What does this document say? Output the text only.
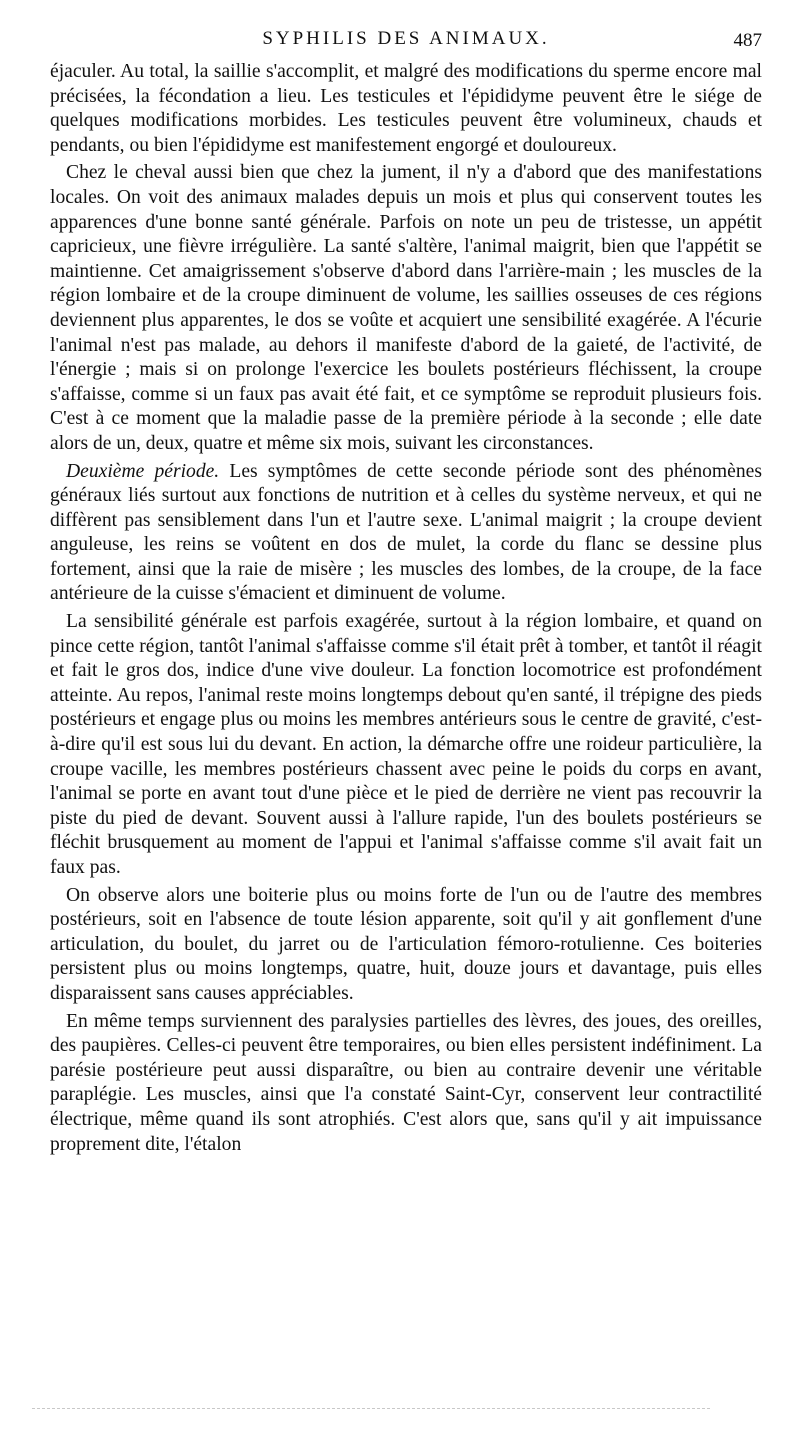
SYPHILIS DES ANIMAUX.	487

éjaculer. Au total, la saillie s'accomplit, et malgré des modifications du sperme encore mal précisées, la fécondation a lieu. Les testicules et l'épididyme peuvent être le siége de quelques modifications morbides. Les testicules peuvent être volumineux, chauds et pendants, ou bien l'épididyme est manifestement engorgé et douloureux.

Chez le cheval aussi bien que chez la jument, il n'y a d'abord que des manifestations locales. On voit des animaux malades depuis un mois et plus qui conservent toutes les apparences d'une bonne santé générale. Parfois on note un peu de tristesse, un appétit capricieux, une fièvre irrégulière. La santé s'altère, l'animal maigrit, bien que l'appétit se maintienne. Cet amaigrissement s'observe d'abord dans l'arrière-main ; les muscles de la région lombaire et de la croupe diminuent de volume, les saillies osseuses de ces régions deviennent plus apparentes, le dos se voûte et acquiert une sensibilité exagérée. A l'écurie l'animal n'est pas malade, au dehors il manifeste d'abord de la gaieté, de l'activité, de l'énergie ; mais si on prolonge l'exercice les boulets postérieurs fléchissent, la croupe s'affaisse, comme si un faux pas avait été fait, et ce symptôme se reproduit plusieurs fois. C'est à ce moment que la maladie passe de la première période à la seconde ; elle date alors de un, deux, quatre et même six mois, suivant les circonstances.

Deuxième période. Les symptômes de cette seconde période sont des phénomènes généraux liés surtout aux fonctions de nutrition et à celles du système nerveux, et qui ne diffèrent pas sensiblement dans l'un et l'autre sexe. L'animal maigrit ; la croupe devient anguleuse, les reins se voûtent en dos de mulet, la corde du flanc se dessine plus fortement, ainsi que la raie de misère ; les muscles des lombes, de la croupe, de la face antérieure de la cuisse s'émacient et diminuent de volume.

La sensibilité générale est parfois exagérée, surtout à la région lombaire, et quand on pince cette région, tantôt l'animal s'affaisse comme s'il était prêt à tomber, et tantôt il réagit et fait le gros dos, indice d'une vive douleur. La fonction locomotrice est profondément atteinte. Au repos, l'animal reste moins longtemps debout qu'en santé, il trépigne des pieds postérieurs et engage plus ou moins les membres antérieurs sous le centre de gravité, c'est-à-dire qu'il est sous lui du devant. En action, la démarche offre une roideur particulière, la croupe vacille, les membres postérieurs chassent avec peine le poids du corps en avant, l'animal se porte en avant tout d'une pièce et le pied de derrière ne vient pas recouvrir la piste du pied de devant. Souvent aussi à l'allure rapide, l'un des boulets postérieurs se fléchit brusquement au moment de l'appui et l'animal s'affaisse comme s'il avait fait un faux pas.

On observe alors une boiterie plus ou moins forte de l'un ou de l'autre des membres postérieurs, soit en l'absence de toute lésion apparente, soit qu'il y ait gonflement d'une articulation, du boulet, du jarret ou de l'articulation fémoro-rotulienne. Ces boiteries persistent plus ou moins longtemps, quatre, huit, douze jours et davantage, puis elles disparaissent sans causes appréciables.

En même temps surviennent des paralysies partielles des lèvres, des joues, des oreilles, des paupières. Celles-ci peuvent être temporaires, ou bien elles persistent indéfiniment. La parésie postérieure peut aussi disparaître, ou bien au contraire devenir une véritable paraplégie. Les muscles, ainsi que l'a constaté Saint-Cyr, conservent leur contractilité électrique, même quand ils sont atrophiés. C'est alors que, sans qu'il y ait impuissance proprement dite, l'étalon
